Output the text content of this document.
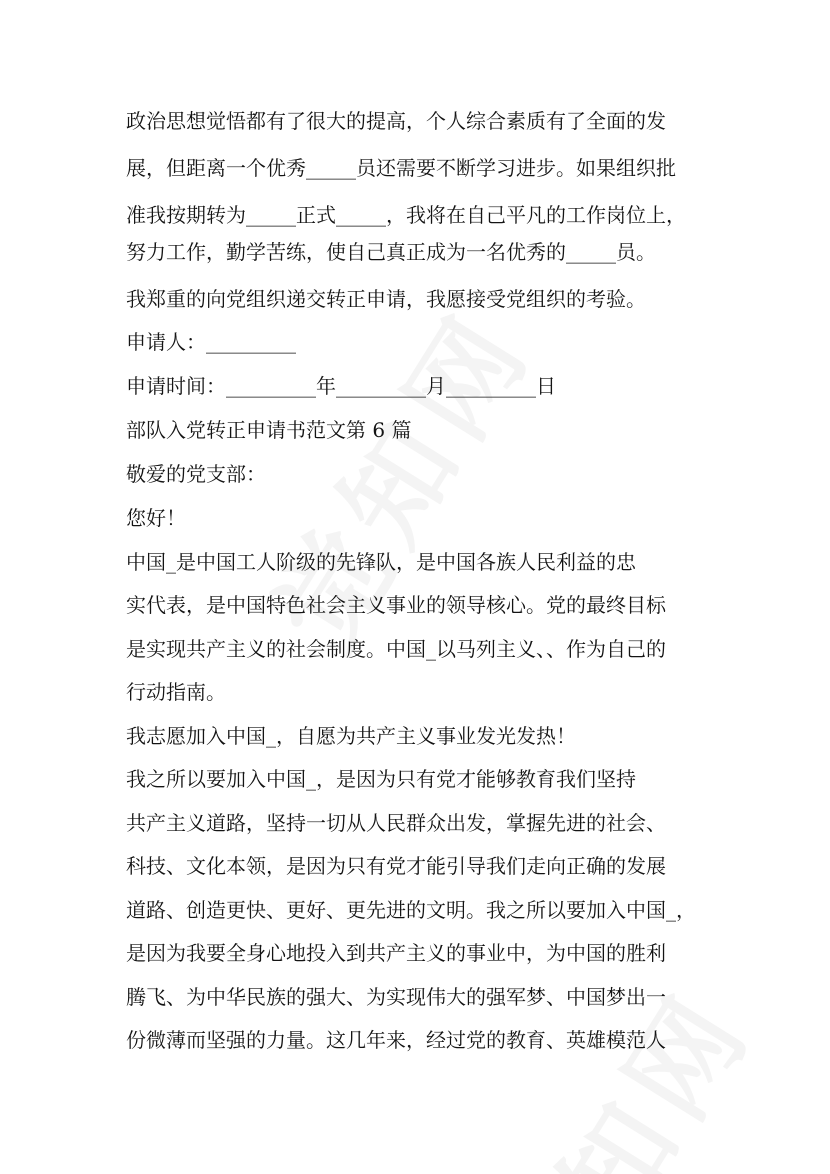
政治思想觉悟都有了很大的提高，个人综合素质有了全面的发
展，但距离一个优秀_____员还需要不断学习进步。如果组织批
准我按期转为_____正式_____，我将在自己平凡的工作岗位上，
努力工作，勤学苦练，使自己真正成为一名优秀的_____员。
我郑重的向党组织递交转正申请，我愿接受党组织的考验。
申请人：_________
申请时间：_________年_________月_________日
部队入党转正申请书范文第 6 篇
敬爱的党支部：
您好！
中国_是中国工人阶级的先锋队，是中国各族人民利益的忠
实代表，是中国特色社会主义事业的领导核心。党的最终目标
是实现共产主义的社会制度。中国_以马列主义、、作为自己的
行动指南。
我志愿加入中国_，自愿为共产主义事业发光发热！
我之所以要加入中国_，是因为只有党才能够教育我们坚持
共产主义道路，坚持一切从人民群众出发，掌握先进的社会、
科技、文化本领，是因为只有党才能引导我们走向正确的发展
道路、创造更快、更好、更先进的文明。我之所以要加入中国_，
是因为我要全身心地投入到共产主义的事业中，为中国的胜利
腾飞、为中华民族的强大、为实现伟大的强军梦、中国梦出一
份微薄而坚强的力量。这几年来，经过党的教育、英雄模范人
